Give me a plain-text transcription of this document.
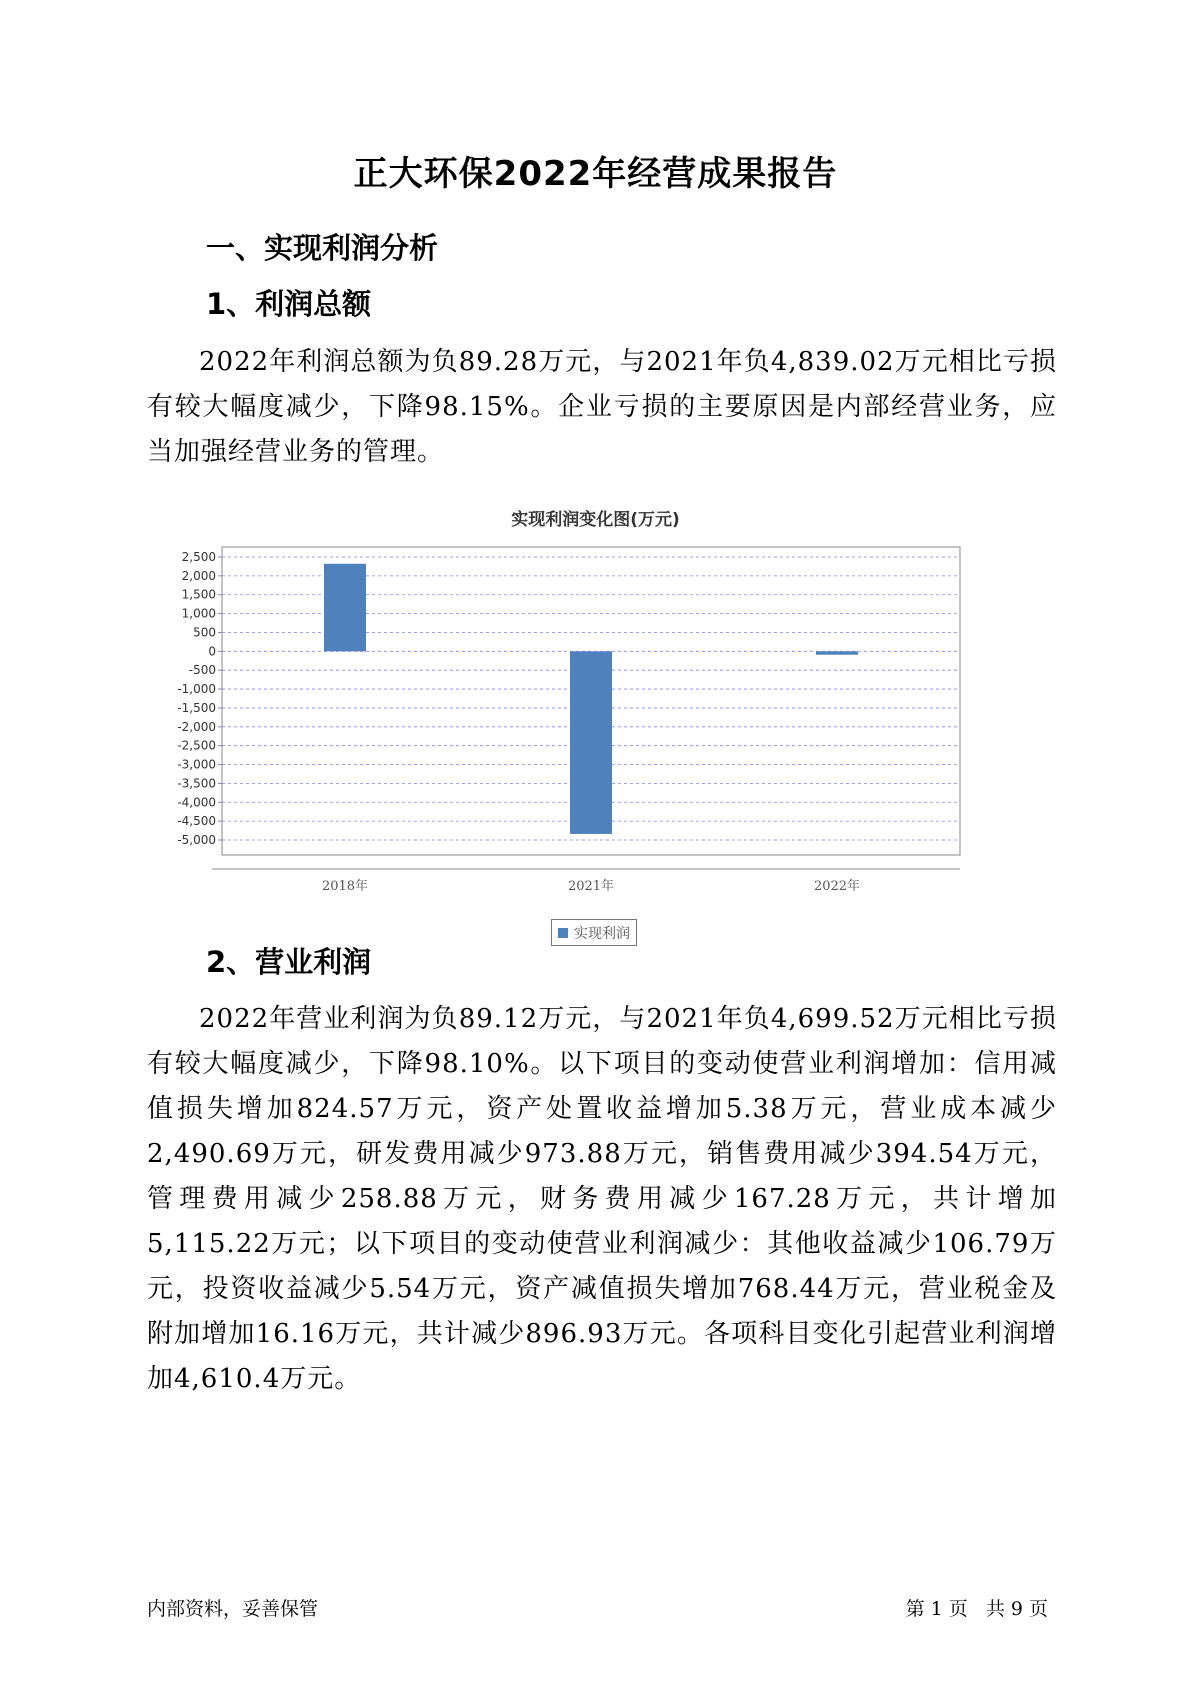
正大环保2022年经营成果报告
一、实现利润分析
1、利润总额

2022年利润总额为负89.28万元，与2021年负4,839.02万元相比亏损有较大幅度减少，下降98.15%。企业亏损的主要原因是内部经营业务，应当加强经营业务的管理。

实现利润变化图(万元)
2,500
2,000
1,500
1,000
500
0
-500
-1,000
-1,500
-2,000
-2,500
-3,000
-3,500
-4,000
-4,500
-5,000
2018年	2021年	2022年
实现利润
2、营业利润

2022年营业利润为负89.12万元，与2021年负4,699.52万元相比亏损有较大幅度减少，下降98.10%。以下项目的变动使营业利润增加：信用减值损失增加824.57万元，资产处置收益增加5.38万元，营业成本减少2,490.69万元，研发费用减少973.88万元，销售费用减少394.54万元，管理费用减少258.88万元，财务费用减少167.28万元，共计增加5,115.22万元；以下项目的变动使营业利润减少：其他收益减少106.79万元，投资收益减少5.54万元，资产减值损失增加768.44万元，营业税金及附加增加16.16万元，共计减少896.93万元。各项科目变化引起营业利润增加4,610.4万元。

内部资料，妥善保管	第 1 页 共 9 页
